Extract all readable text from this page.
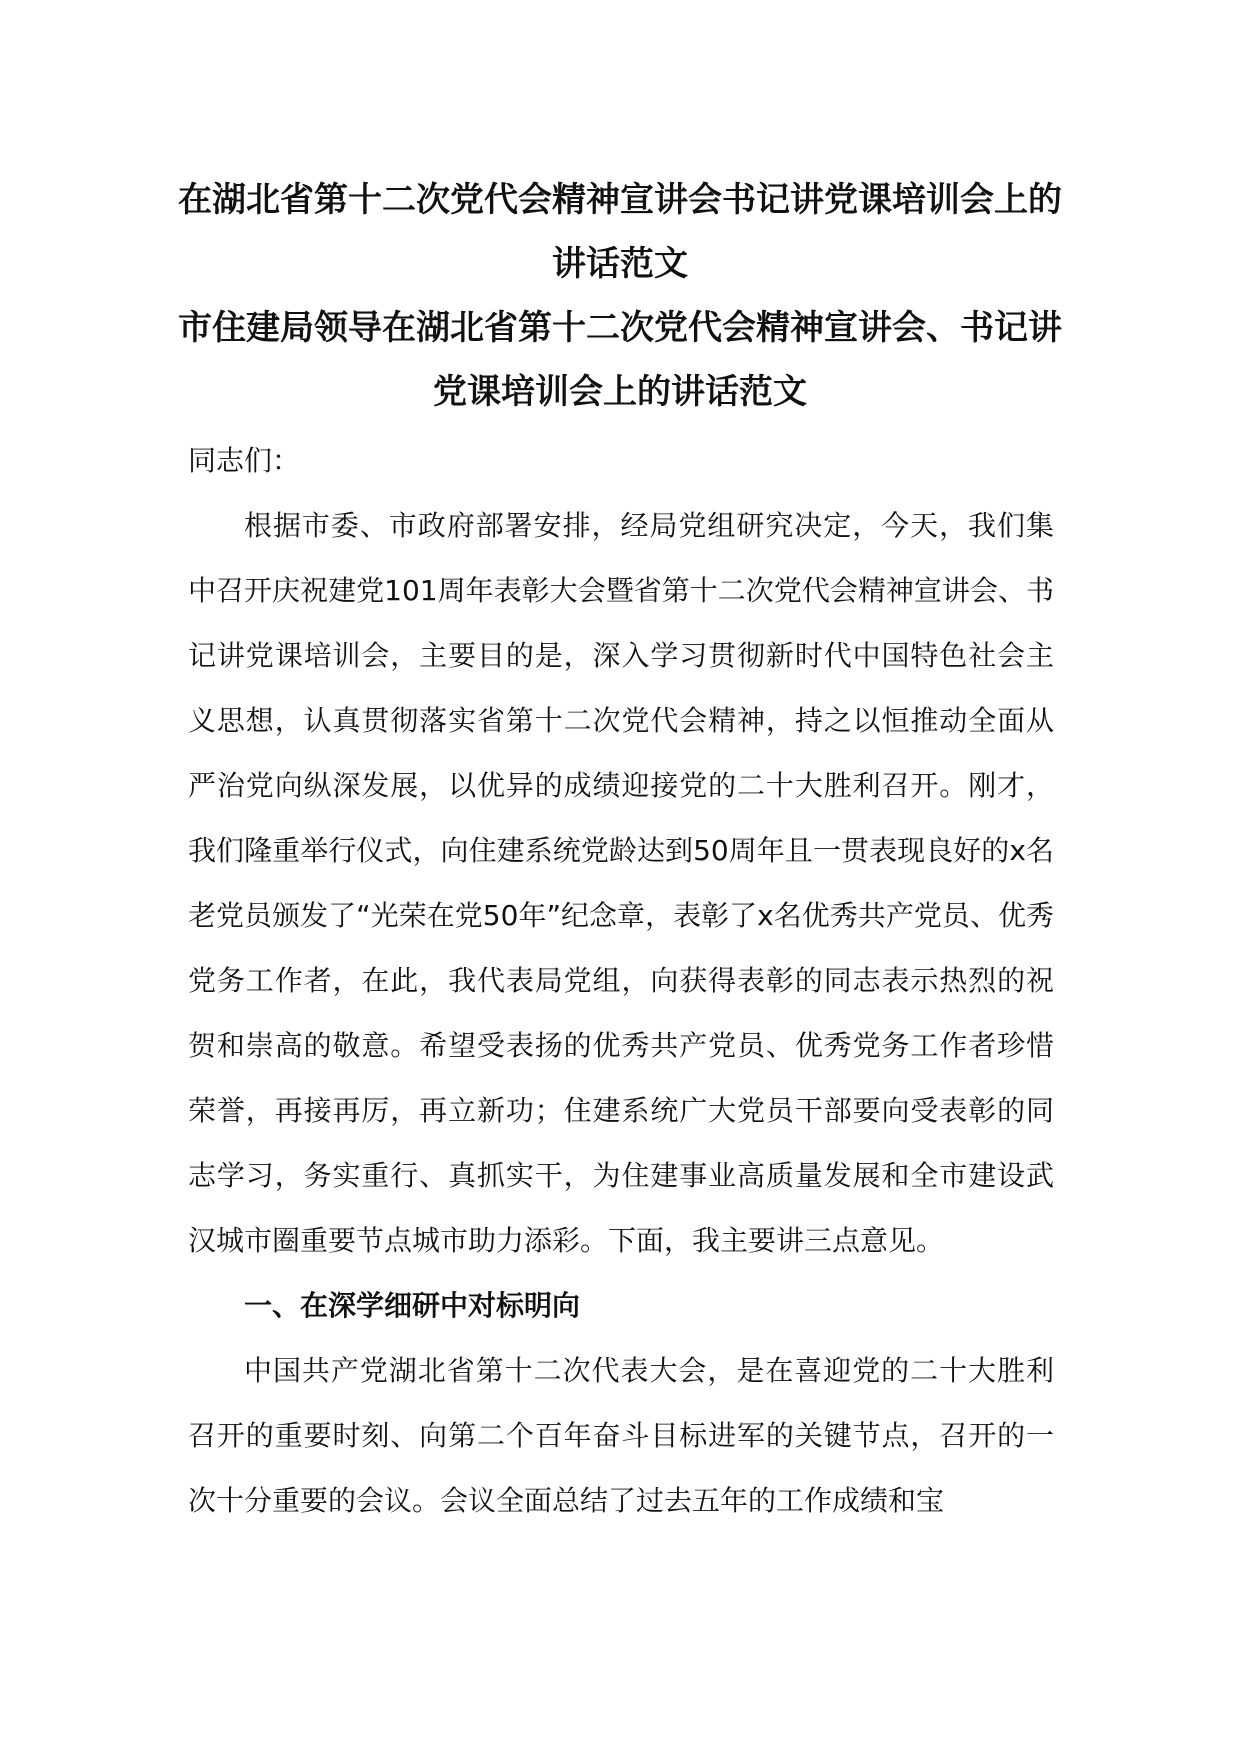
在湖北省第十二次党代会精神宣讲会书记讲党课培训会上的讲话范文
市住建局领导在湖北省第十二次党代会精神宣讲会、书记讲党课培训会上的讲话范文

同志们：

根据市委、市政府部署安排，经局党组研究决定，今天，我们集中召开庆祝建党101周年表彰大会暨省第十二次党代会精神宣讲会、书记讲党课培训会，主要目的是，深入学习贯彻新时代中国特色社会主义思想，认真贯彻落实省第十二次党代会精神，持之以恒推动全面从严治党向纵深发展，以优异的成绩迎接党的二十大胜利召开。刚才，我们隆重举行仪式，向住建系统党龄达到50周年且一贯表现良好的x名老党员颁发了“光荣在党50年”纪念章，表彰了x名优秀共产党员、优秀党务工作者，在此，我代表局党组，向获得表彰的同志表示热烈的祝贺和崇高的敬意。希望受表扬的优秀共产党员、优秀党务工作者珍惜荣誉，再接再厉，再立新功；住建系统广大党员干部要向受表彰的同志学习，务实重行、真抓实干，为住建事业高质量发展和全市建设武汉城市圈重要节点城市助力添彩。下面，我主要讲三点意见。

一、在深学细研中对标明向

中国共产党湖北省第十二次代表大会，是在喜迎党的二十大胜利召开的重要时刻、向第二个百年奋斗目标进军的关键节点，召开的一次十分重要的会议。会议全面总结了过去五年的工作成绩和宝
